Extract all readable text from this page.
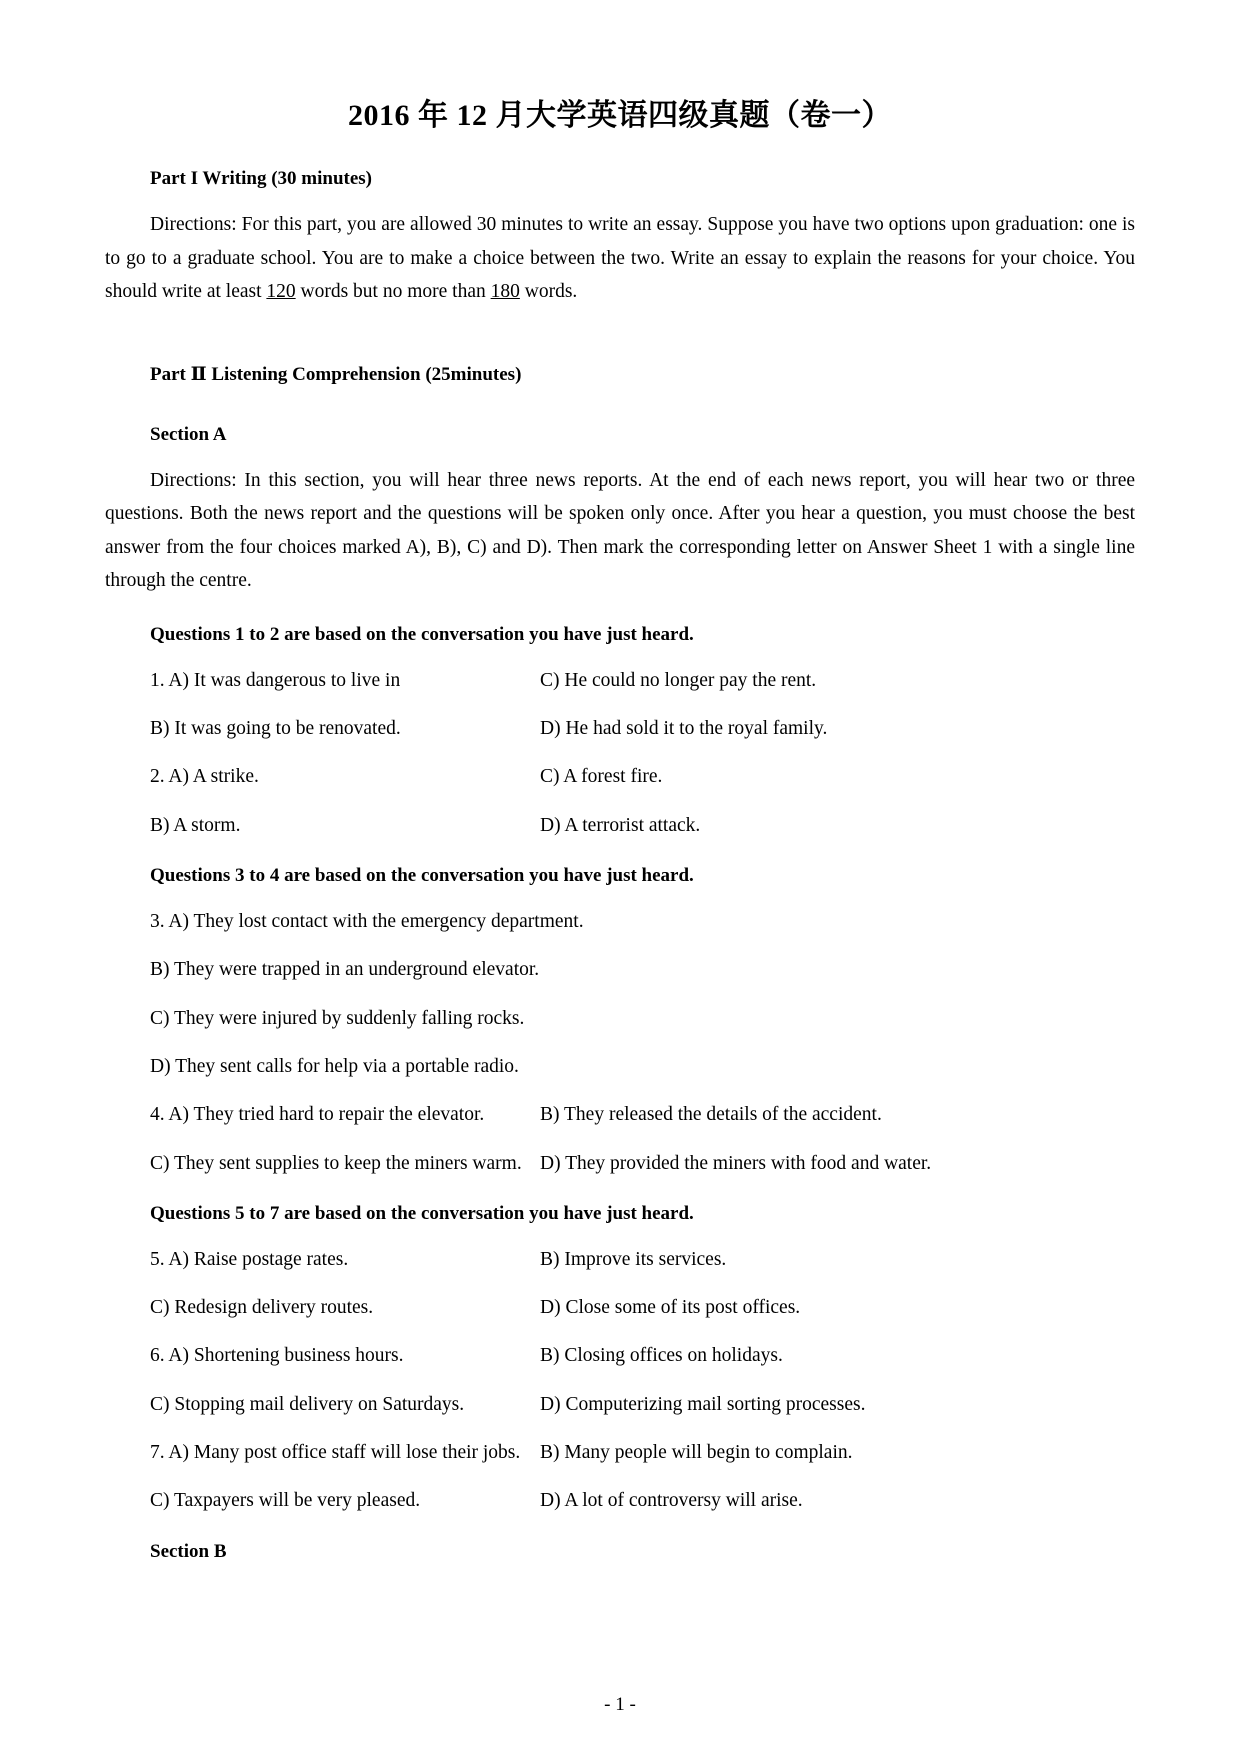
2016 年 12 月大学英语四级真题（卷一）
Part I Writing (30 minutes)

Directions: For this part, you are allowed 30 minutes to write an essay. Suppose you have two options upon graduation: one is to go to a graduate school. You are to make a choice between the two. Write an essay to explain the reasons for your choice. You should write at least 120 words but no more than 180 words.

Part Ⅱ Listening Comprehension (25minutes)
Section A

Directions: In this section, you will hear three news reports. At the end of each news report, you will hear two or three questions. Both the news report and the questions will be spoken only once. After you hear a question, you must choose the best answer from the four choices marked A), B), C) and D). Then mark the corresponding letter on Answer Sheet 1 with a single line through the centre.

Questions 1 to 2 are based on the conversation you have just heard.
1. A) It was dangerous to live in	C) He could no longer pay the rent.
B) It was going to be renovated.	D) He had sold it to the royal family.
2. A) A strike.	C) A forest fire.
B) A storm.	D) A terrorist attack.
Questions 3 to 4 are based on the conversation you have just heard.
3. A) They lost contact with the emergency department.
B) They were trapped in an underground elevator.
C) They were injured by suddenly falling rocks.
D) They sent calls for help via a portable radio.
4. A) They tried hard to repair the elevator.	B) They released the details of the accident.
C) They sent supplies to keep the miners warm. D) They provided the miners with food and water.
Questions 5 to 7 are based on the conversation you have just heard.
5. A) Raise postage rates.	B) Improve its services.
C) Redesign delivery routes.	D) Close some of its post offices.
6. A) Shortening business hours.	B) Closing offices on holidays.
C) Stopping mail delivery on Saturdays.	D) Computerizing mail sorting processes.
7. A) Many post office staff will lose their jobs.	B) Many people will begin to complain.
C) Taxpayers will be very pleased.	D) A lot of controversy will arise.
Section B
- 1 -
